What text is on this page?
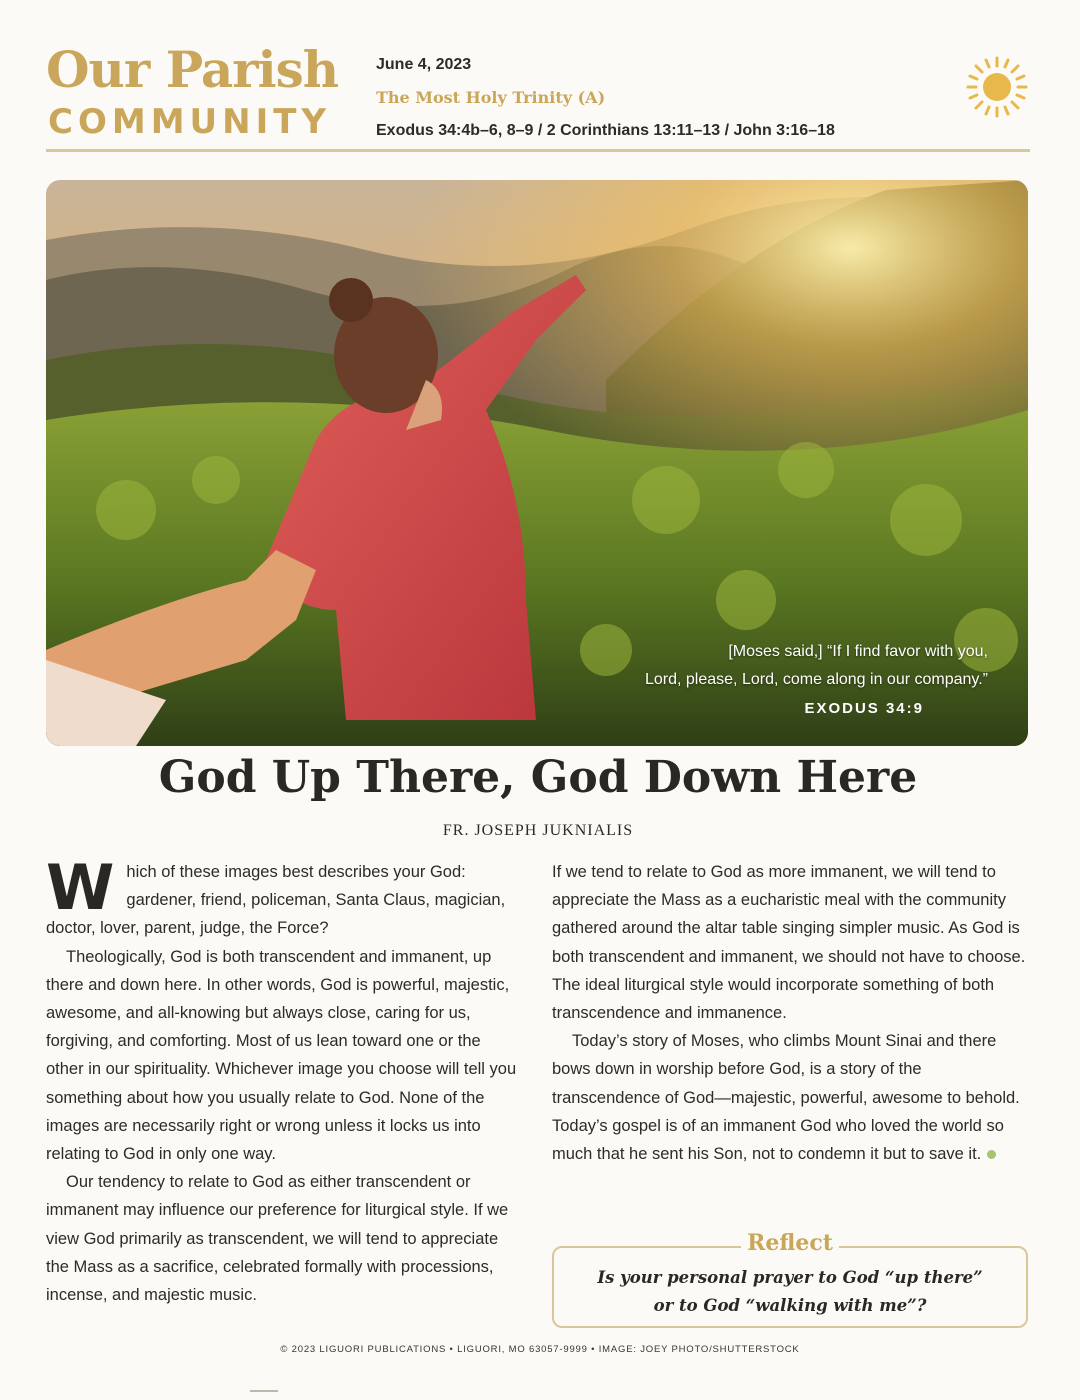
Our Parish
COMMUNITY
June 4, 2023
The Most Holy Trinity (A)
Exodus 34:4b–6, 8–9 / 2 Corinthians 13:11–13 / John 3:16–18
[Moses said,] “If I find favor with you,
Lord, please, Lord, come along in our company.”
EXODUS 34:9
God Up There, God Down Here
FR. JOSEPH JUKNIALIS

Which of these images best describes your God: gardener, friend, policeman, Santa Claus, magician, doctor, lover, parent, judge, the Force?

Theologically, God is both transcendent and immanent, up there and down here. In other words, God is powerful, majestic, awesome, and all-knowing but always close, caring for us, forgiving, and comforting. Most of us lean toward one or the other in our spirituality. Whichever image you choose will tell you something about how you usually relate to God. None of the images are necessarily right or wrong unless it locks us into relating to God in only one way.

Our tendency to relate to God as either transcendent or immanent may influence our preference for liturgical style. If we view God primarily as transcendent, we will tend to appreciate the Mass as a sacrifice, celebrated formally with processions, incense, and majestic music.

If we tend to relate to God as more immanent, we will tend to appreciate the Mass as a eucharistic meal with the community gathered around the altar table singing simpler music. As God is both transcendent and immanent, we should not have to choose. The ideal liturgical style would incorporate something of both transcendence and immanence.

Today’s story of Moses, who climbs Mount Sinai and there bows down in worship before God, is a story of the transcendence of God—majestic, powerful, awesome to behold. Today’s gospel is of an immanent God who loved the world so much that he sent his Son, not to condemn it but to save it.

Reflect
Is your personal prayer to God “up there”
or to God “walking with me”?
© 2023 LIGUORI PUBLICATIONS • LIGUORI, MO 63057-9999 • IMAGE: JOEY PHOTO/SHUTTERSTOCK
